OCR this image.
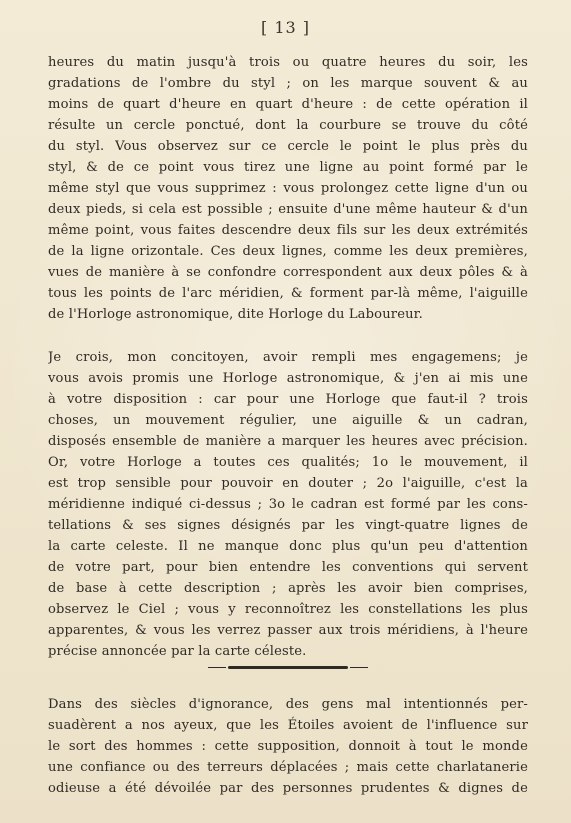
[ 13 ]
heures du matin jusqu'à trois ou quatre heures du soir, les
gradations de l'ombre du styl ; on les marque souvent & au
moins de quart d'heure en quart d'heure : de cette opération il
résulte un cercle ponctué, dont la courbure se trouve du côté
du styl. Vous observez sur ce cercle le point le plus près du
styl, & de ce point vous tirez une ligne au point formé par le
même styl que vous supprimez : vous prolongez cette ligne d'un ou
deux pieds, si cela est possible ; ensuite d'une même hauteur & d'un
même point, vous faites descendre deux fils sur les deux extrémités
de la ligne orizontale. Ces deux lignes, comme les deux premières,
vues de manière à se confondre correspondent aux deux pôles & à
tous les points de l'arc méridien, & forment par-là même, l'aiguille
de l'Horloge astronomique, dite Horloge du Laboureur.
Je crois, mon concitoyen, avoir rempli mes engagemens; je
vous avois promis une Horloge astronomique, & j'en ai mis une
à votre disposition : car pour une Horloge que faut-il ? trois
choses, un mouvement régulier, une aiguille & un cadran,
disposés ensemble de manière a marquer les heures avec précision.
Or, votre Horloge a toutes ces qualités; 1o le mouvement, il
est trop sensible pour pouvoir en douter ; 2o l'aiguille, c'est la
méridienne indiqué ci-dessus ; 3o le cadran est formé par les cons-
tellations & ses signes désignés par les vingt-quatre lignes de
la carte celeste. Il ne manque donc plus qu'un peu d'attention
de votre part, pour bien entendre les conventions qui servent
de base à cette description ; après les avoir bien comprises,
observez le Ciel ; vous y reconnoîtrez les constellations les plus
apparentes, & vous les verrez passer aux trois méridiens, à l'heure
précise annoncée par la carte céleste.
Dans des siècles d'ignorance, des gens mal intentionnés per-
suadèrent a nos ayeux, que les Étoiles avoient de l'influence sur
le sort des hommes : cette supposition, donnoit à tout le monde
une confiance ou des terreurs déplacées ; mais cette charlatanerie
odieuse a été dévoilée par des personnes prudentes & dignes de
